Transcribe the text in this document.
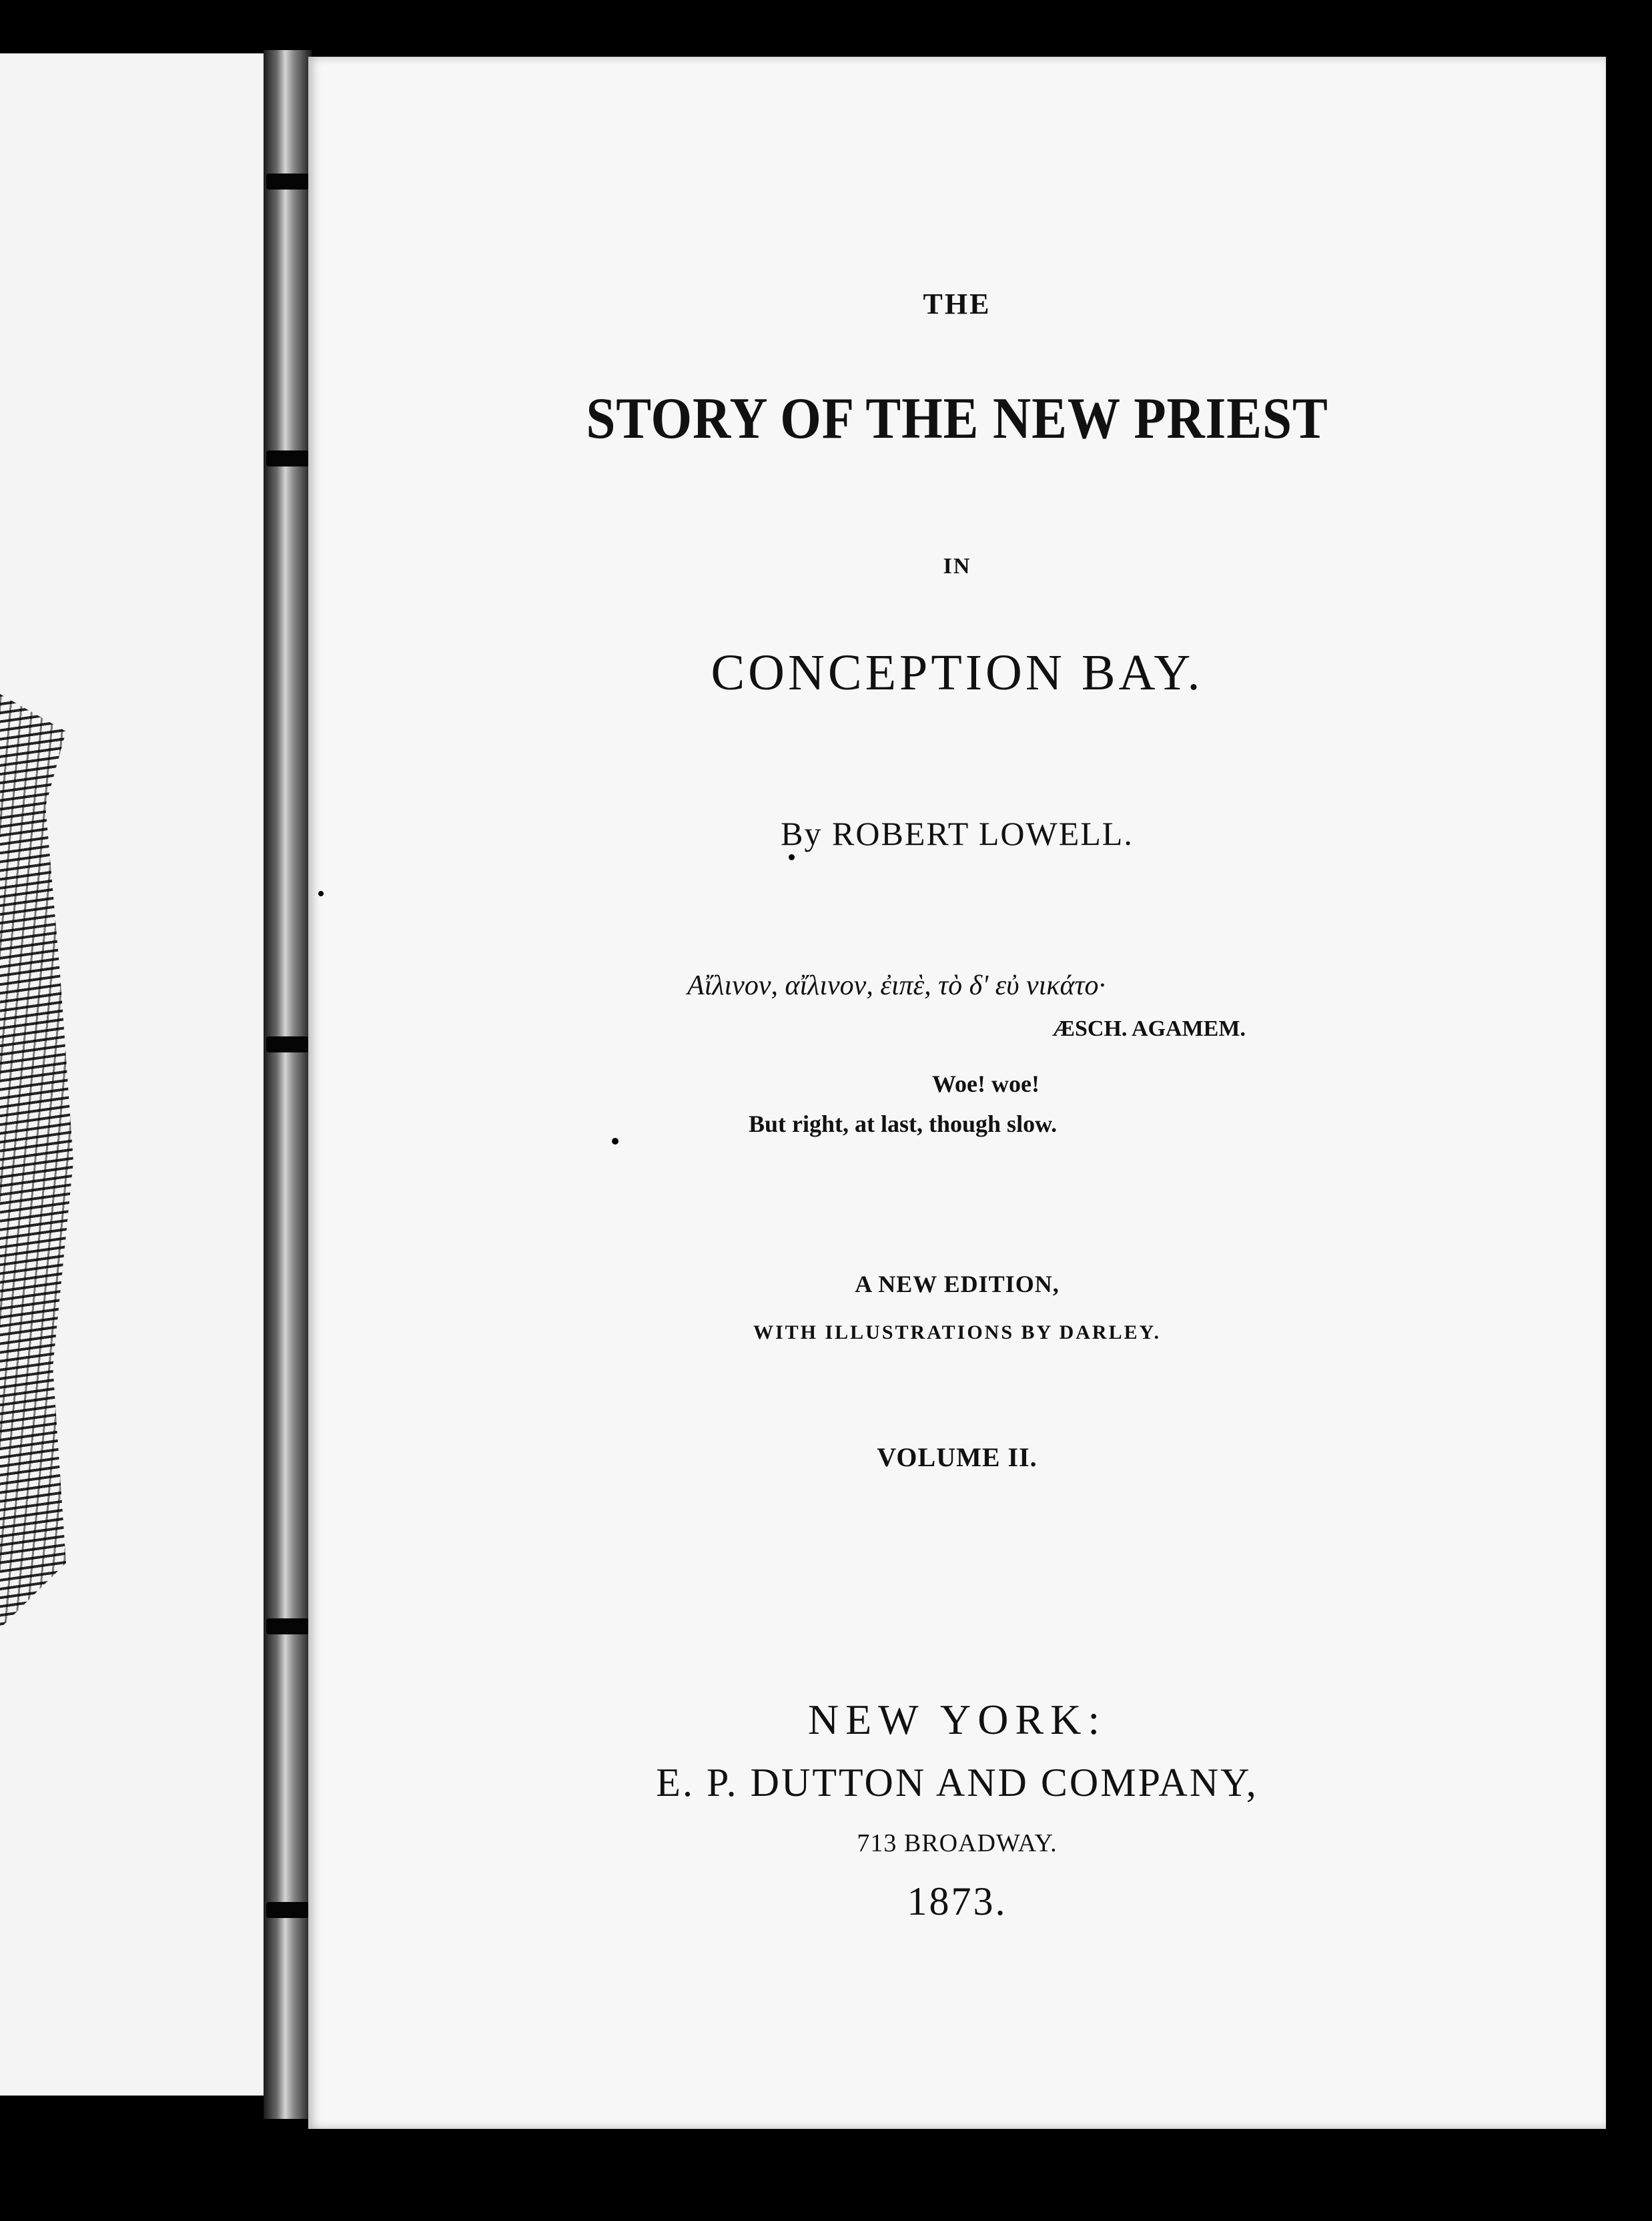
THE
STORY OF THE NEW PRIEST
IN
CONCEPTION BAY.
By ROBERT LOWELL.
Αἴλινον, αἴλινον, ἐιπὲ, τὸ δ' εὐ νικάτο·
ÆSCH. AGAMEM.
Woe! woe!
But right, at last, though slow.
A NEW EDITION,
WITH ILLUSTRATIONS BY DARLEY.
VOLUME II.
NEW YORK:
E. P. DUTTON AND COMPANY,
713 BROADWAY.
1873.
